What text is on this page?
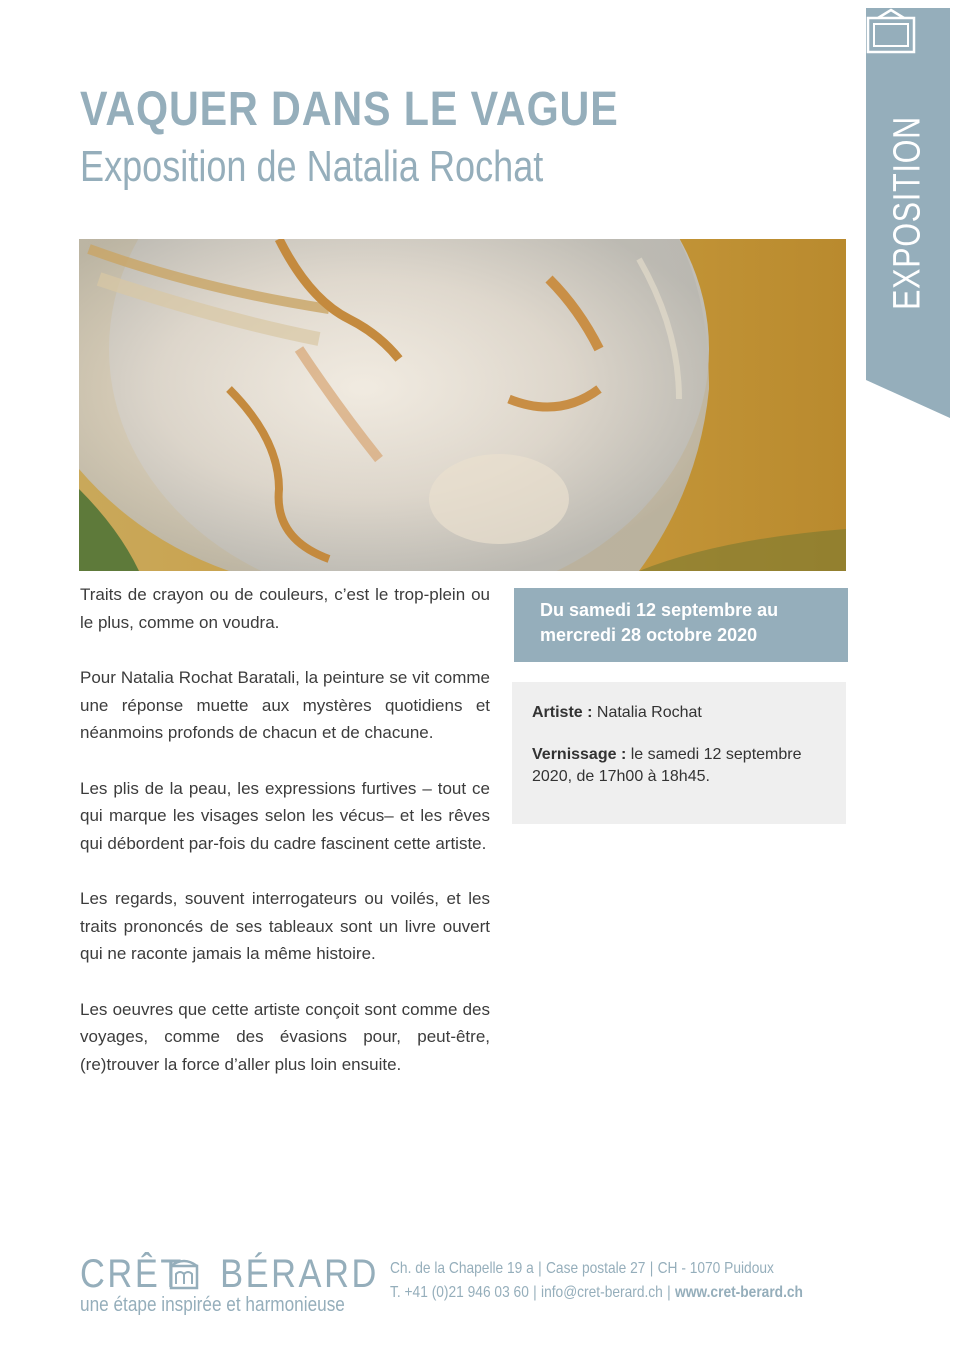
VAQUER DANS LE VAGUE
Exposition de Natalia Rochat	EXPOSITION

Traits de crayon ou de couleurs, c’est le trop-plein ou le plus, comme on voudra.

Pour Natalia Rochat Baratali, la peinture se vit comme une réponse muette aux mystères quotidiens et néanmoins profonds de chacun et de chacune.

Les plis de la peau, les expressions furtives – tout ce qui marque les visages selon les vécus– et les rêves qui débordent par-fois du cadre fascinent cette artiste.

Les regards, souvent interrogateurs ou voilés, et les traits prononcés de ses tableaux sont un livre ouvert qui ne raconte jamais la même histoire.

Les oeuvres que cette artiste conçoit sont comme des voyages, comme des évasions pour, peut-être, (re)trouver la force d’aller plus loin ensuite.

Du samedi 12 septembre au
mercredi 28 octobre 2020

Artiste : Natalia Rochat

Vernissage : le samedi 12 septembre 2020, de 17h00 à 18h45.

CRÊT BÉRARD
une étape inspirée et harmonieuse
Ch. de la Chapelle 19 a | Case postale 27 | CH - 1070 Puidoux
T. +41 (0)21 946 03 60 | info@cret-berard.ch | www.cret-berard.ch
